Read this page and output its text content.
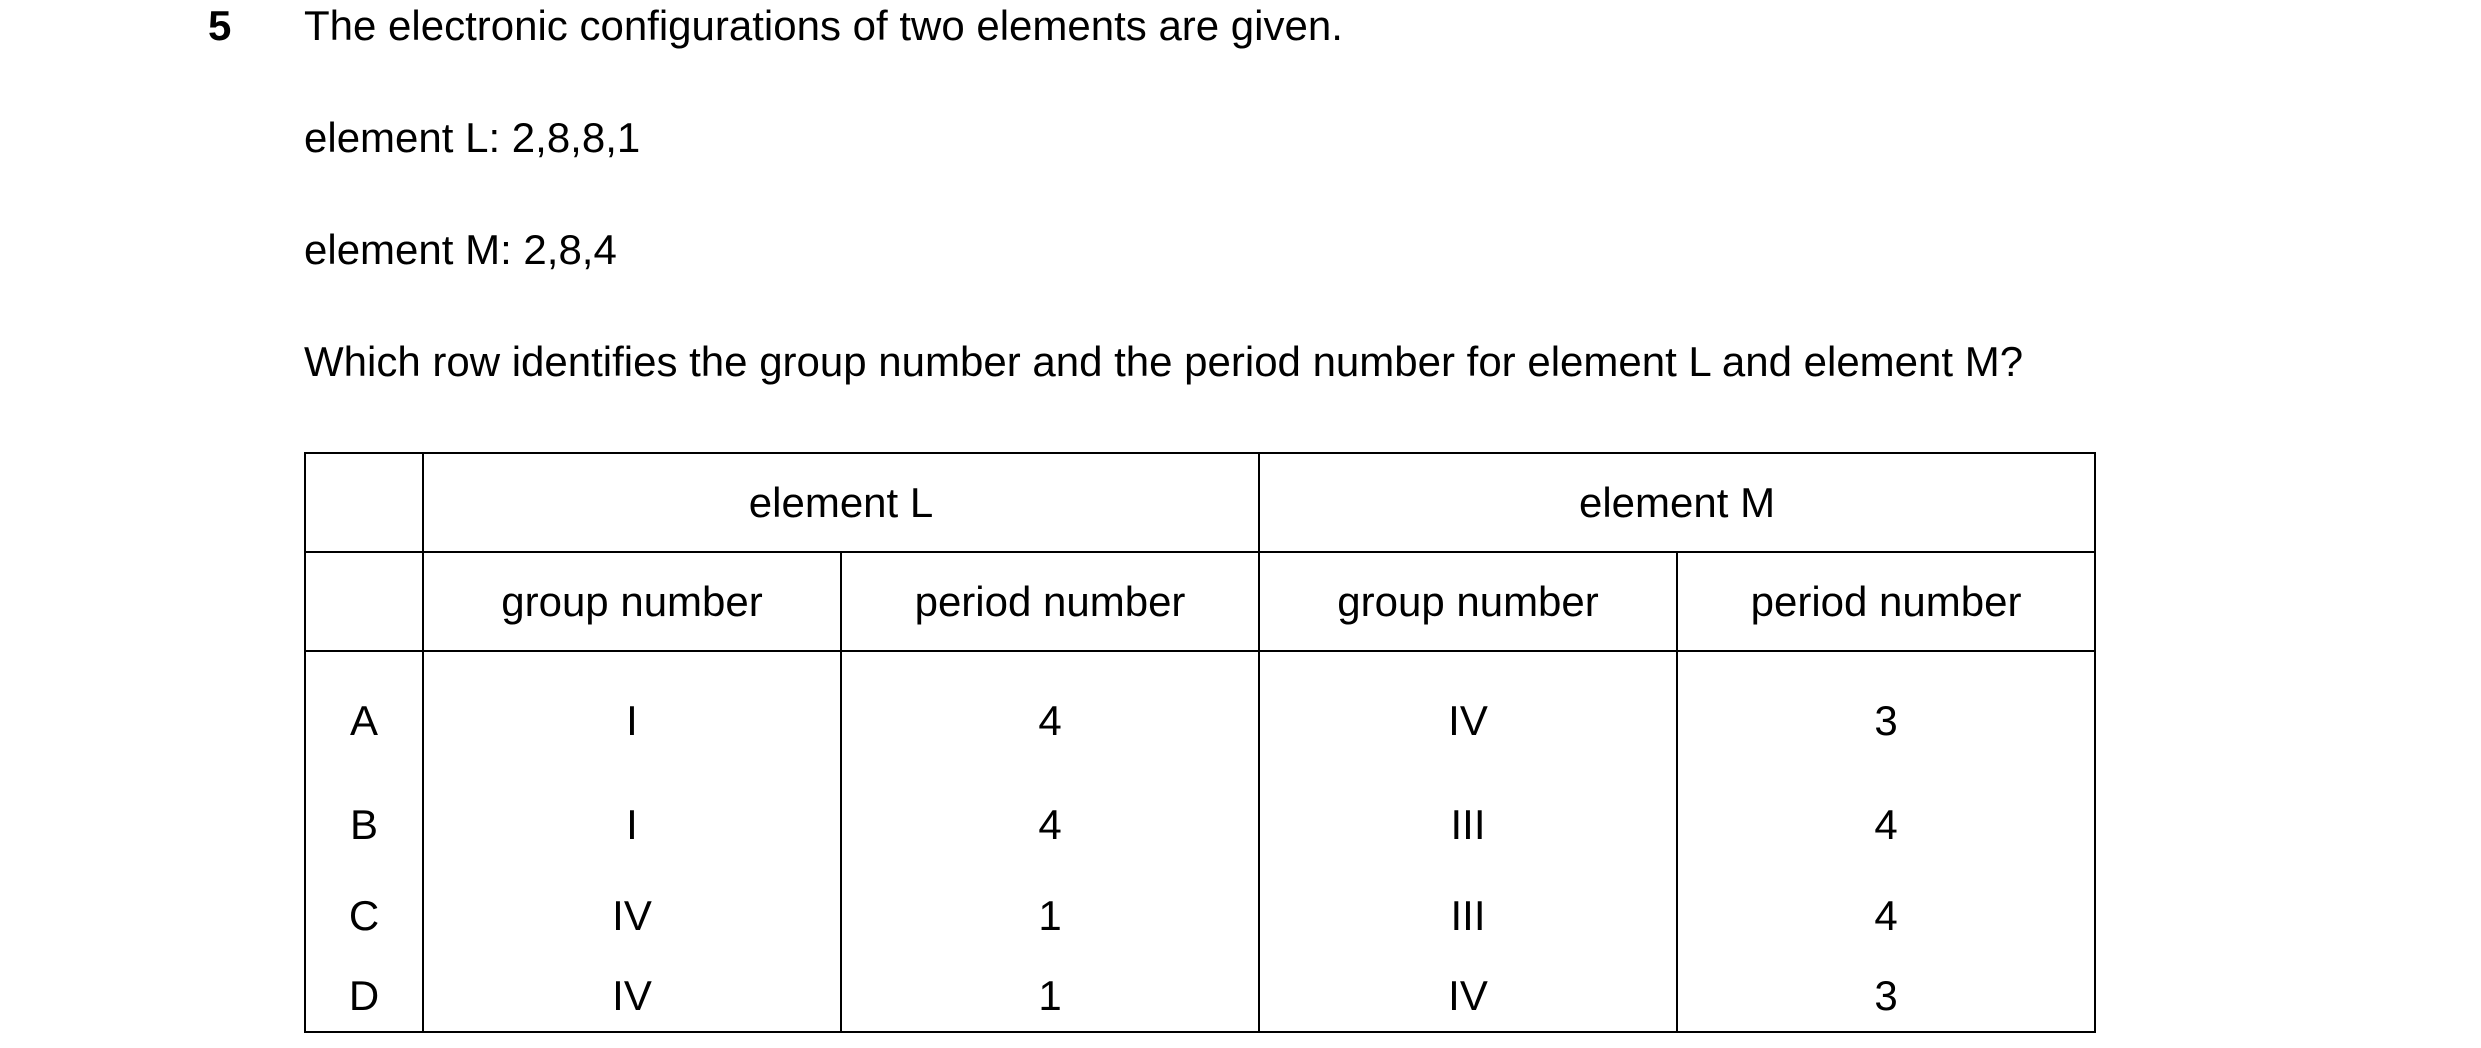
5 The electronic configurations of two elements are given.
element L: 2,8,8,1
element M: 2,8,4
Which row identifies the group number and the period number for element L and element M?
	element L		element M	
	group number	period number	group number	period number
A	I	4	IV	3
B	I	4	III	4
C	IV	1	III	4
D	IV	1	IV	3
